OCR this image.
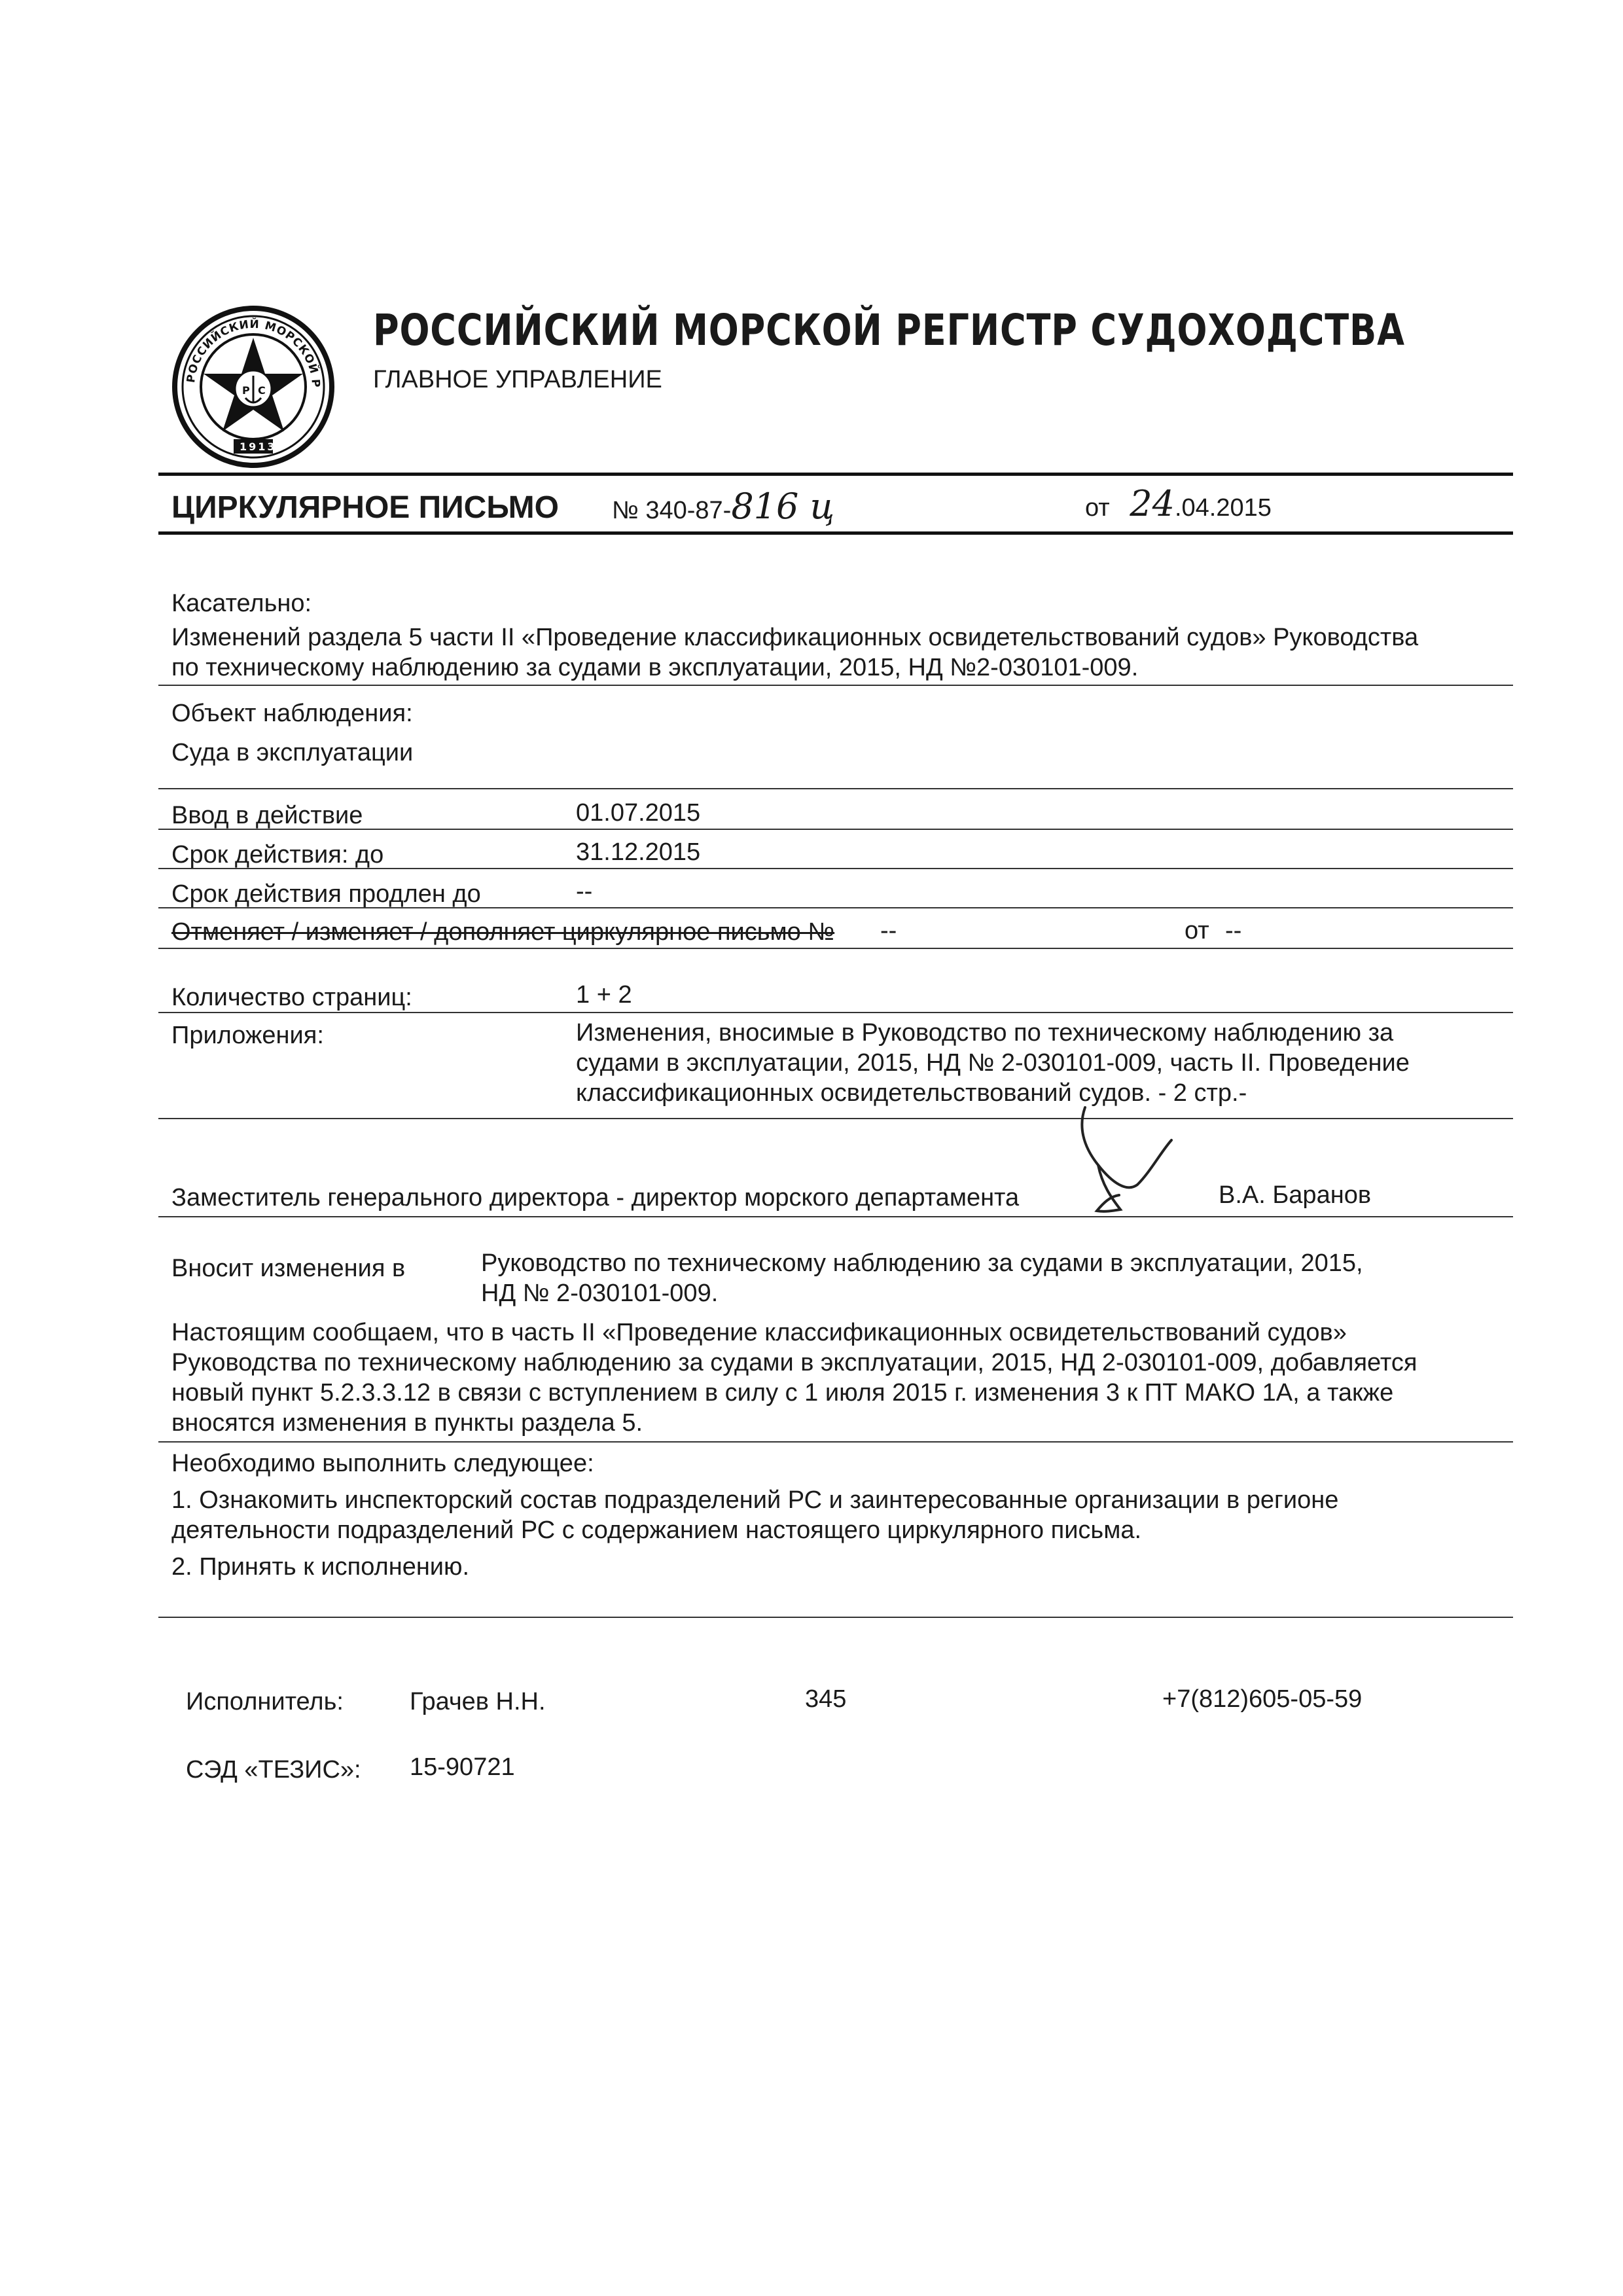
РОССИЙСКИЙ МОРСКОЙ Р
Р С
1913
РОССИЙСКИЙ МОРСКОЙ РЕГИСТР СУДОХОДСТВА
ГЛАВНОЕ УПРАВЛЕНИЕ
ЦИРКУЛЯРНОЕ ПИСЬМО № 340-87-816 ц	от 24.04.2015
Касательно:
Изменений раздела 5 части II «Проведение классификационных освидетельствований судов» Руководства
по техническому наблюдению за судами в эксплуатации, 2015, НД №2-030101-009.
Объект наблюдения:
Суда в эксплуатации
Ввод в действие	01.07.2015
Срок действия: до	31.12.2015
Срок действия продлен до	--
Отменяет / изменяет / дополняет циркулярное письмо № --	от --
Количество страниц:	1 + 2
Приложения:	Изменения, вносимые в Руководство по техническому наблюдению за
судами в эксплуатации, 2015, НД № 2-030101-009, часть II. Проведение
классификационных освидетельствований судов. - 2 стр.-
Заместитель генерального директора - директор морского департамента	В.А. Баранов
Вносит изменения в	Руководство по техническому наблюдению за судами в эксплуатации, 2015,
НД № 2-030101-009.
Настоящим сообщаем, что в часть II «Проведение классификационных освидетельствований судов»
Руководства по техническому наблюдению за судами в эксплуатации, 2015, НД 2-030101-009, добавляется
новый пункт 5.2.3.3.12 в связи с вступлением в силу с 1 июля 2015 г. изменения 3 к ПТ МАКО 1А, а также
вносятся изменения в пункты раздела 5.
Необходимо выполнить следующее:
1. Ознакомить инспекторский состав подразделений РС и заинтересованные организации в регионе
деятельности подразделений РС с содержанием настоящего циркулярного письма.
2. Принять к исполнению.
Исполнитель:	Грачев Н.Н.	345	+7(812)605-05-59
СЭД «ТЕЗИС»: 15-90721
